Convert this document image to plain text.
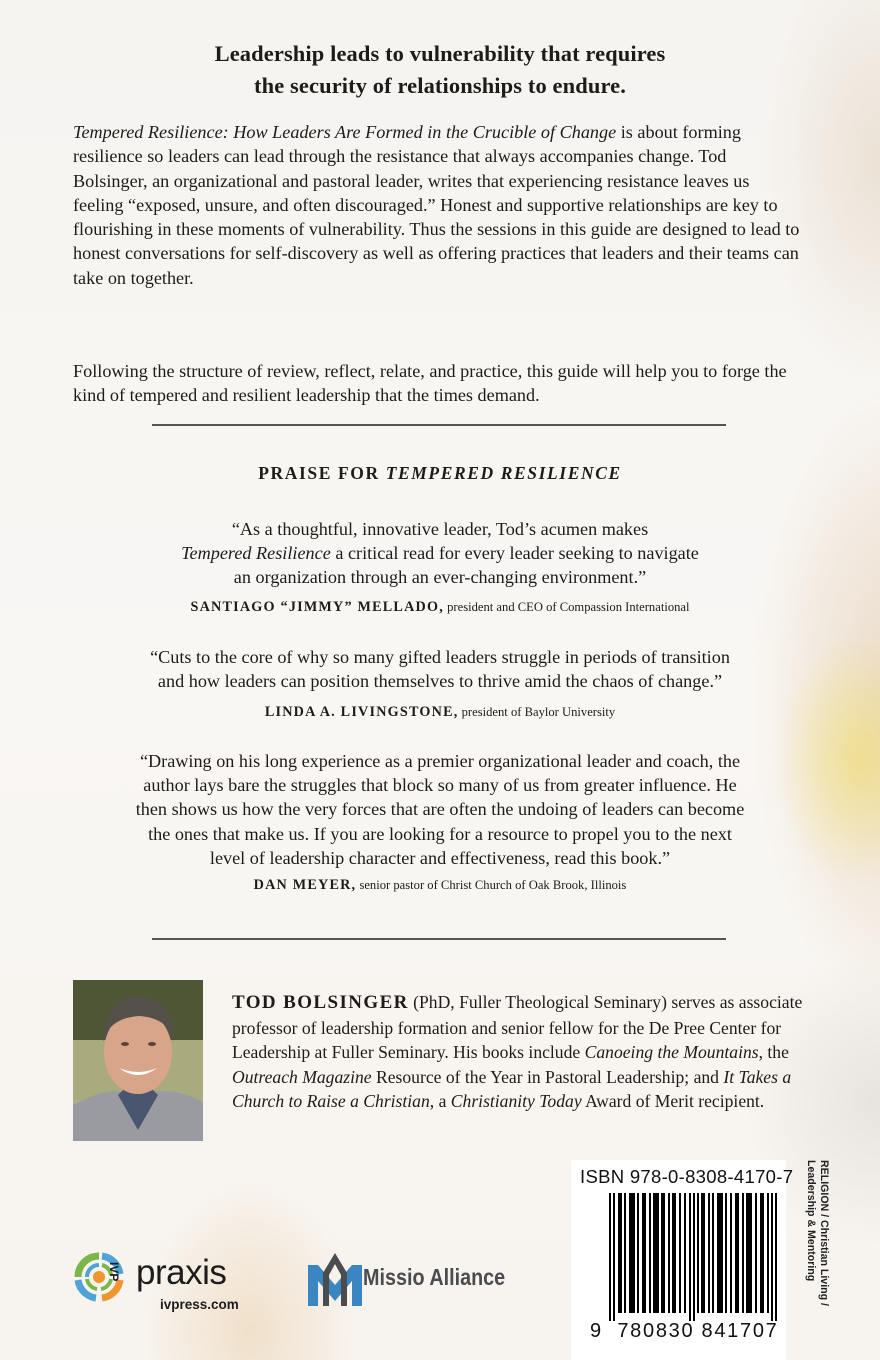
Leadership leads to vulnerability that requires
the security of relationships to endure.
Tempered Resilience: How Leaders Are Formed in the Crucible of Change is about forming resilience so leaders can lead through the resistance that always accompanies change. Tod Bolsinger, an organizational and pastoral leader, writes that experiencing resistance leaves us feeling “exposed, unsure, and often discouraged.” Honest and supportive relationships are key to flourishing in these moments of vulnerability. Thus the sessions in this guide are designed to lead to honest conversations for self-discovery as well as offering practices that leaders and their teams can take on together.
Following the structure of review, reflect, relate, and practice, this guide will help you to forge the kind of tempered and resilient leadership that the times demand.
PRAISE FOR TEMPERED RESILIENCE
“As a thoughtful, innovative leader, Tod’s acumen makes
Tempered Resilience a critical read for every leader seeking to navigate
an organization through an ever-changing environment.”
SANTIAGO “JIMMY” MELLADO, president and CEO of Compassion International
“Cuts to the core of why so many gifted leaders struggle in periods of transition
and how leaders can position themselves to thrive amid the chaos of change.”
LINDA A. LIVINGSTONE, president of Baylor University
“Drawing on his long experience as a premier organizational leader and coach, the
author lays bare the struggles that block so many of us from greater influence. He
then shows us how the very forces that are often the undoing of leaders can become
the ones that make us. If you are looking for a resource to propel you to the next
level of leadership character and effectiveness, read this book.”
DAN MEYER, senior pastor of Christ Church of Oak Brook, Illinois
TOD BOLSINGER (PhD, Fuller Theological Seminary) serves as associate professor of leadership formation and senior fellow for the De Pree Center for Leadership at Fuller Seminary. His books include Canoeing the Mountains, the Outreach Magazine Resource of the Year in Pastoral Leadership; and It Takes a Church to Raise a Christian, a Christianity Today Award of Merit recipient.
ISBN 978-0-8308-4170-7
9 780830 841707
RELIGION / Christian Living /
Leadership & Mentoring
IVP praxis
ivpress.com
Missio Alliance
